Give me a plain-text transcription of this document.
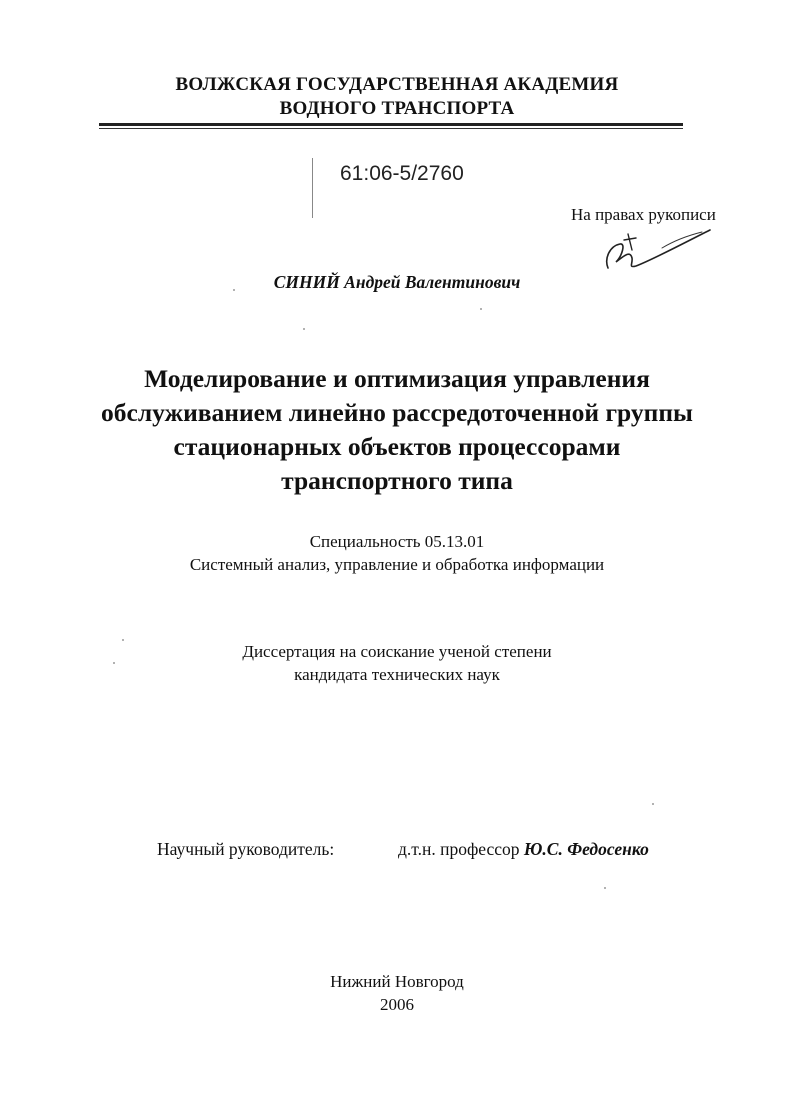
ВОЛЖСКАЯ ГОСУДАРСТВЕННАЯ АКАДЕМИЯ
ВОДНОГО ТРАНСПОРТА
61:06-5/2760
На правах рукописи
СИНИЙ Андрей Валентинович
Моделирование и оптимизация управления
обслуживанием линейно рассредоточенной группы
стационарных объектов процессорами
транспортного типа
Специальность 05.13.01
Системный анализ, управление и обработка информации
Диссертация на соискание ученой степени
кандидата технических наук
Научный руководитель:	д.т.н. профессор Ю.С. Федосенко
Нижний Новгород
2006
